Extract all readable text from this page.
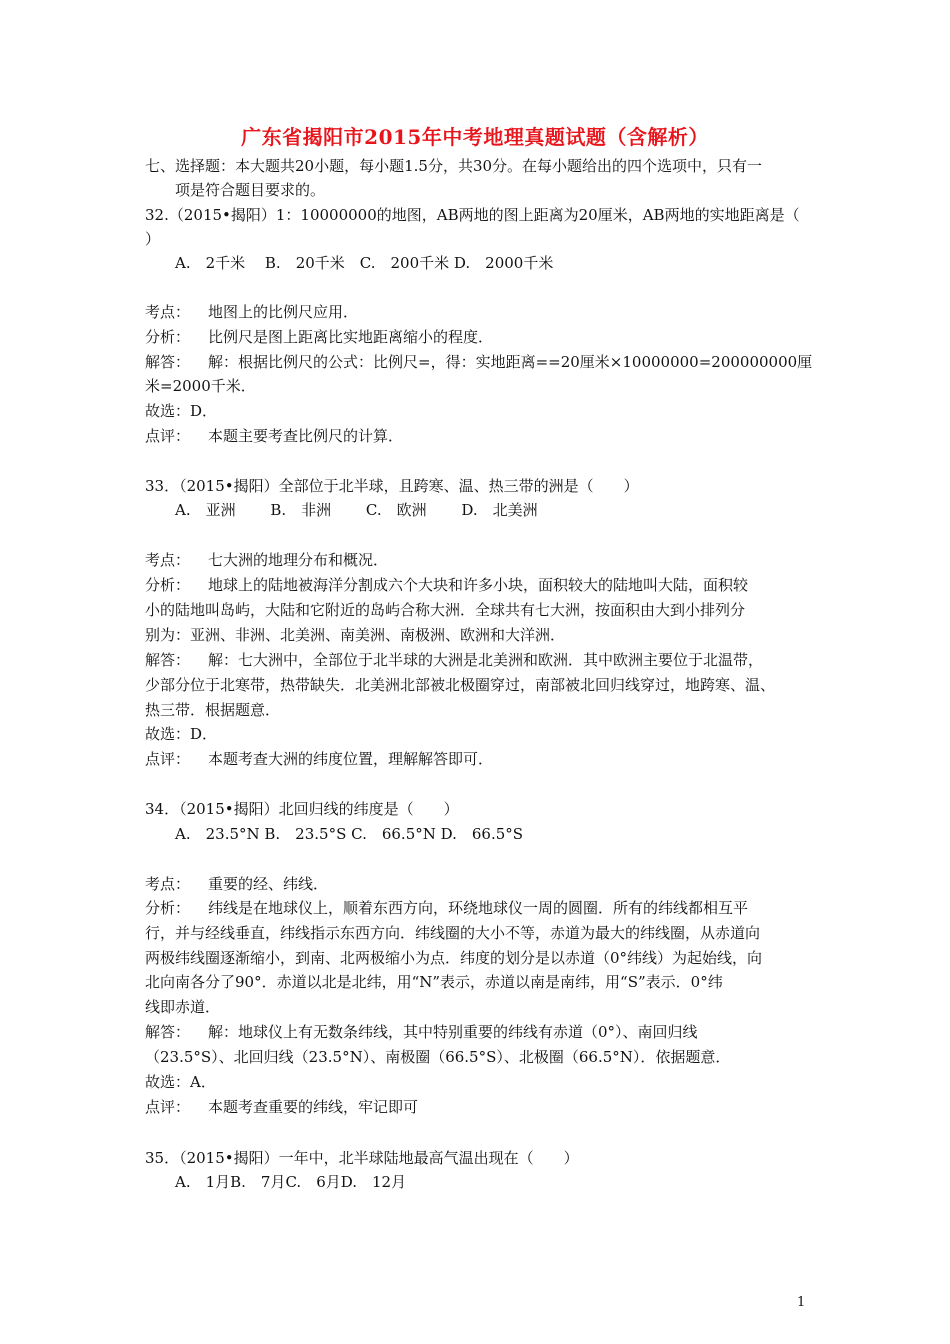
广东省揭阳市2015年中考地理真题试题（含解析）
七、选择题：本大题共20小题，每小题1.5分，共30分。在每小题给出的四个选项中，只有一
项是符合题目要求的。
32.（2015•揭阳）1：10000000的地图，AB两地的图上距离为20厘米，AB两地的实地距离是（
）
A.　2千米　 B.　20千米　C.　200千米 D.　2000千米
考点： 地图上的比例尺应用．
分析： 比例尺是图上距离比实地距离缩小的程度．
解答： 解：根据比例尺的公式：比例尺=，得：实地距离==20厘米×10000000=200000000厘
米=2000千米．
故选：D．
点评： 本题主要考查比例尺的计算．
33．（2015•揭阳）全部位于北半球，且跨寒、温、热三带的洲是（　　）
A.　亚洲　　 B.　非洲　　 C.　欧洲　　 D.　北美洲
考点： 七大洲的地理分布和概况．
分析： 地球上的陆地被海洋分割成六个大块和许多小块，面积较大的陆地叫大陆，面积较
小的陆地叫岛屿，大陆和它附近的岛屿合称大洲．全球共有七大洲，按面积由大到小排列分
别为：亚洲、非洲、北美洲、南美洲、南极洲、欧洲和大洋洲．
解答： 解：七大洲中，全部位于北半球的大洲是北美洲和欧洲．其中欧洲主要位于北温带，
少部分位于北寒带，热带缺失．北美洲北部被北极圈穿过，南部被北回归线穿过，地跨寒、温、
热三带．根据题意．
故选：D．
点评： 本题考查大洲的纬度位置，理解解答即可．
34．（2015•揭阳）北回归线的纬度是（　　）
A.　23.5°N B.　23.5°S C.　66.5°N D.　66.5°S
考点： 重要的经、纬线．
分析： 纬线是在地球仪上，顺着东西方向，环绕地球仪一周的圆圈．所有的纬线都相互平
行，并与经线垂直，纬线指示东西方向．纬线圈的大小不等，赤道为最大的纬线圈，从赤道向
两极纬线圈逐渐缩小，到南、北两极缩小为点．纬度的划分是以赤道（0°纬线）为起始线，向
北向南各分了90°．赤道以北是北纬，用“N”表示，赤道以南是南纬，用“S”表示．0°纬
线即赤道．
解答： 解：地球仪上有无数条纬线，其中特别重要的纬线有赤道（0°）、南回归线
（23.5°S）、北回归线（23.5°N）、南极圈（66.5°S）、北极圈（66.5°N）．依据题意．
故选：A．
点评： 本题考查重要的纬线，牢记即可
35．（2015•揭阳）一年中，北半球陆地最高气温出现在（　　）
A.　1月B.　7月C.　6月D.　12月
1
